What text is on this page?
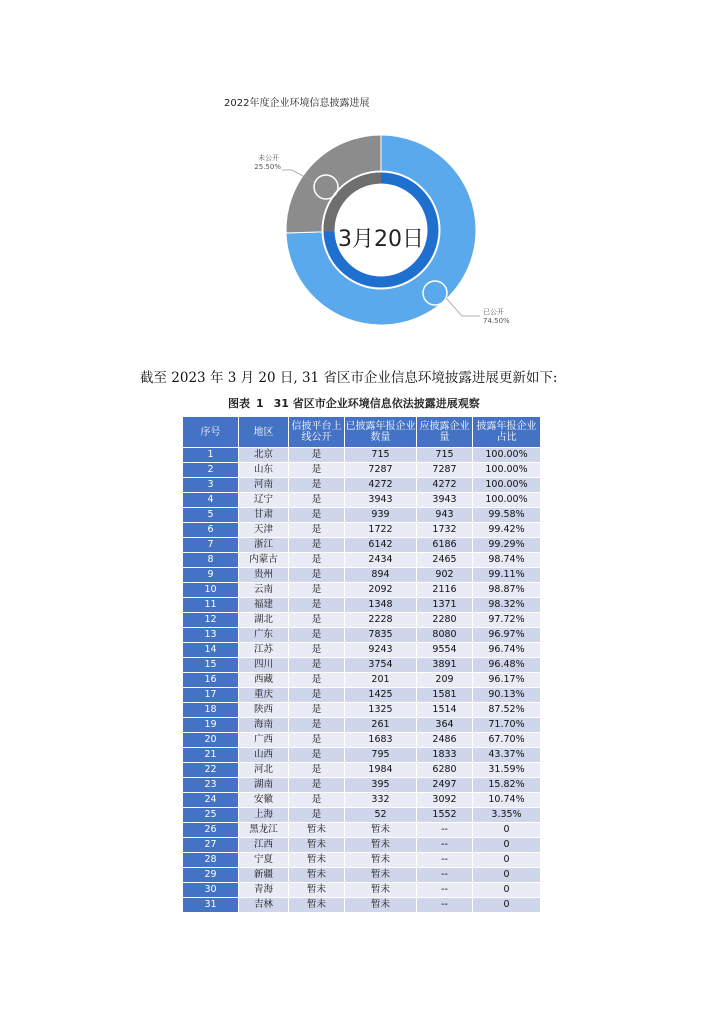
2022年度企业环境信息披露进展
3月20日
未公开
25.50%
已公开
74.50%
截至 2023 年 3 月 20 日, 31 省区市企业信息环境披露进展更新如下:
图表 1 31 省区市企业环境信息依法披露进展观察
序号	地区	信披平台上线公开	已披露年报企业数量	应披露企业量	披露年报企业占比
1	北京	是	715	715	100.00%
2	山东	是	7287	7287	100.00%
3	河南	是	4272	4272	100.00%
4	辽宁	是	3943	3943	100.00%
5	甘肃	是	939	943	99.58%
6	天津	是	1722	1732	99.42%
7	浙江	是	6142	6186	99.29%
8	内蒙古	是	2434	2465	98.74%
9	贵州	是	894	902	99.11%
10	云南	是	2092	2116	98.87%
11	福建	是	1348	1371	98.32%
12	湖北	是	2228	2280	97.72%
13	广东	是	7835	8080	96.97%
14	江苏	是	9243	9554	96.74%
15	四川	是	3754	3891	96.48%
16	西藏	是	201	209	96.17%
17	重庆	是	1425	1581	90.13%
18	陕西	是	1325	1514	87.52%
19	海南	是	261	364	71.70%
20	广西	是	1683	2486	67.70%
21	山西	是	795	1833	43.37%
22	河北	是	1984	6280	31.59%
23	湖南	是	395	2497	15.82%
24	安徽	是	332	3092	10.74%
25	上海	是	52	1552	3.35%
26	黑龙江	暂未	暂未	--	0
27	江西	暂未	暂未	--	0
28	宁夏	暂未	暂未	--	0
29	新疆	暂未	暂未	--	0
30	青海	暂未	暂未	--	0
31	吉林	暂未	暂未	--	0
